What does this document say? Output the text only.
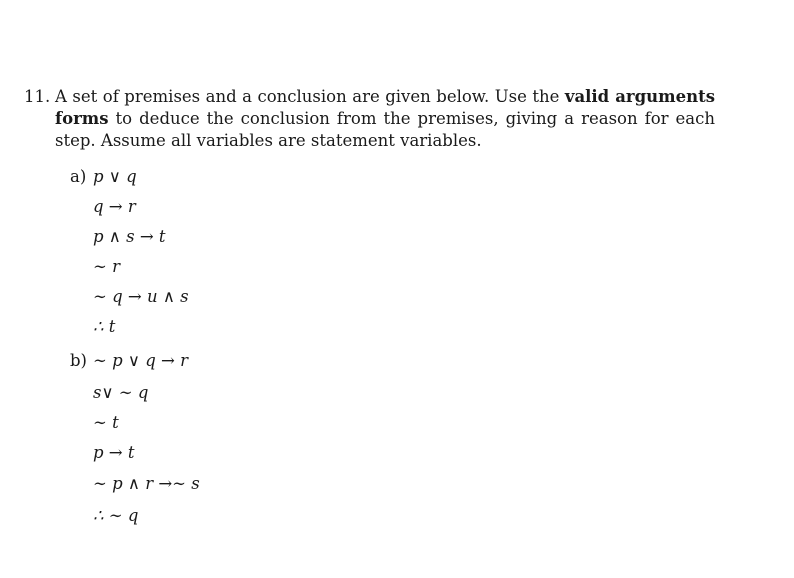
11. A set of premises and a conclusion are given below. Use the valid arguments forms to deduce the conclusion from the premises, giving a reason for each step. Assume all variables are statement variables.
a) p ∨ q
q → r
p ∧ s → t
∼ r
∼ q → u ∧ s
∴ t
b) ∼ p ∨ q → r
s∨ ∼ q
∼ t
p → t
∼ p ∧ r →∼ s
∴ ∼ q
